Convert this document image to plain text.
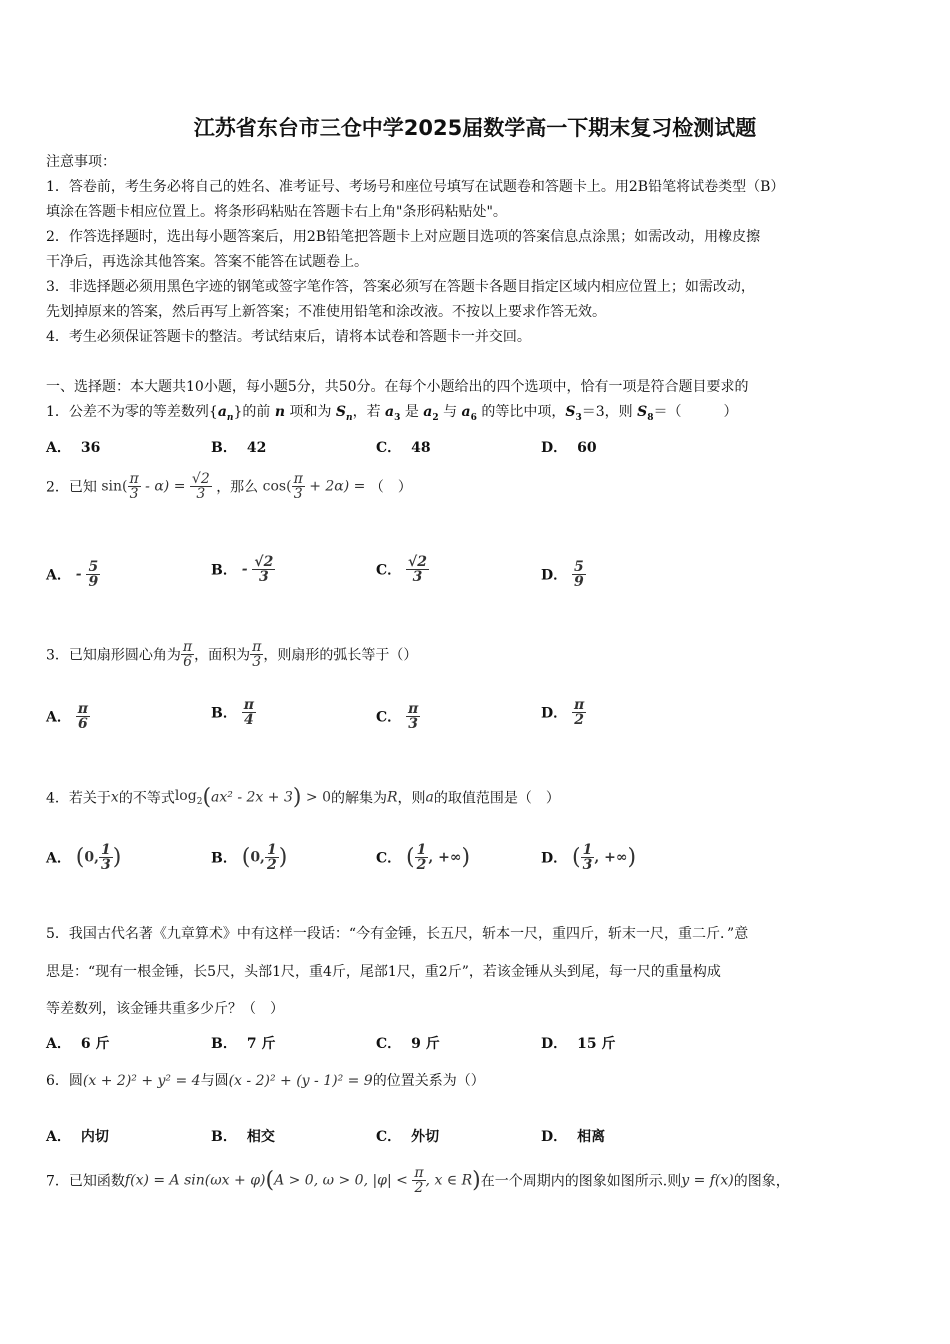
江苏省东台市三仓中学2025届数学高一下期末复习检测试题
注意事项：
1．答卷前，考生务必将自己的姓名、准考证号、考场号和座位号填写在试题卷和答题卡上。用2B铅笔将试卷类型（B）
填涂在答题卡相应位置上。将条形码粘贴在答题卡右上角"条形码粘贴处"。
2．作答选择题时，选出每小题答案后，用2B铅笔把答题卡上对应题目选项的答案信息点涂黑；如需改动，用橡皮擦
干净后，再选涂其他答案。答案不能答在试题卷上。
3．非选择题必须用黑色字迹的钢笔或签字笔作答，答案必须写在答题卡各题目指定区域内相应位置上；如需改动，
先划掉原来的答案，然后再写上新答案；不准使用铅笔和涂改液。不按以上要求作答无效。
4．考生必须保证答题卡的整洁。考试结束后，请将本试卷和答题卡一并交回。
一、选择题：本大题共10小题，每小题5分，共50分。在每个小题给出的四个选项中，恰有一项是符合题目要求的
1．公差不为零的等差数列$\{a_n\}$的前 n 项和为 $S_n$，若 $a_3$ 是 $a_2$ 与 $a_6$ 的等比中项，$S_3=3$，则 $S_8=$（　　　）
A． 36	B． 42	C． 48	D． 60
2．已知 $\sin( \frac{\pi}{3} - \alpha) = \frac{√2}{3}$ ，那么 $\cos( \frac{\pi}{3} + 2\alpha)$ = （　）
A． - $\frac{5}{9}$	B． - $\frac{√2}{3}$	C． $\frac{√2}{3}$	D． $\frac{5}{9}$
3．已知扇形圆心角为 $\frac{\pi}{6}$ ，面积为 $\frac{\pi}{3}$ ，则扇形的弧长等于（）
A． $\frac{\pi}{6}$	B． $\frac{\pi}{4}$	C． $\frac{\pi}{3}$	D． $\frac{\pi}{2}$
4．若关于x的不等式$\log_2(ax^2 - 2x + 3) > 0$的解集为R，则a的取值范围是（　）
A． (0, $\frac{1}{3}$ )	B． (0, $\frac{1}{2}$ )	C． ( $\frac{1}{2}$ , +∞)	D． ( $\frac{1}{3}$ , +∞)
5．我国古代名著《九章算术》中有这样一段话：“今有金锤，长五尺，斩本一尺，重四斤，斩末一尺，重二斤．”意
思是：“现有一根金锤，长5尺，头部1尺，重4斤，尾部1尺，重2斤”，若该金锤从头到尾，每一尺的重量构成
等差数列，该金锤共重多少斤？（　）
A． 6 斤	B． 7 斤	C． 9 斤	D． 15 斤
6．圆(x + 2)² + y² = 4与圆(x - 2)² + (y - 1)² = 9的位置关系为（）
A． 内切	B． 相交	C． 外切	D． 相离
7．已知函数f(x) = A sin(ωx + φ)(A > 0, ω > 0, $|\varphi| < \frac{\pi}{2}$ , x ∈ R)在一个周期内的图象如图所示.则y = f(x)的图象，
